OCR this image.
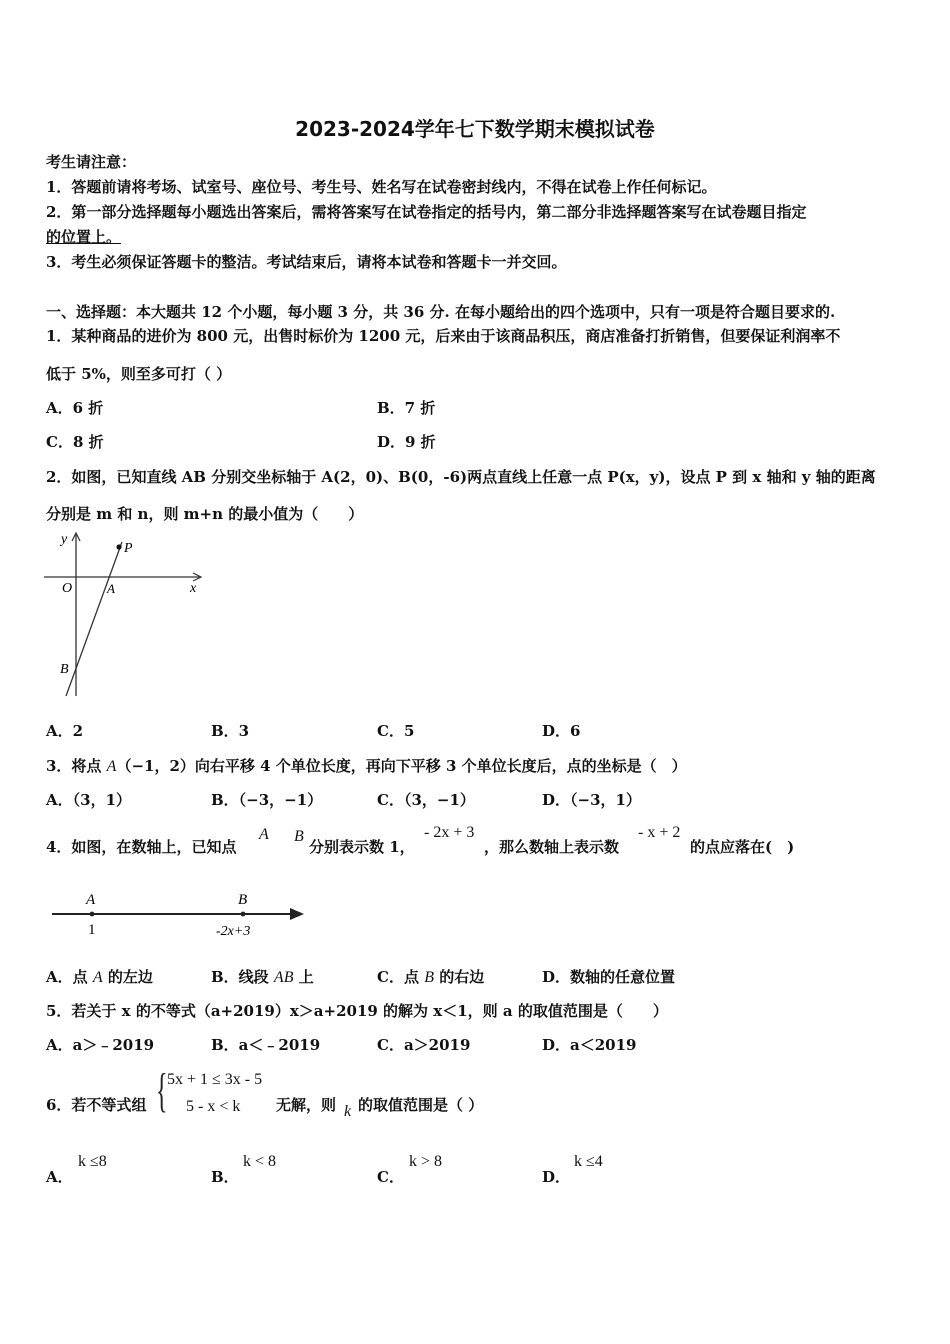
2023-2024学年七下数学期末模拟试卷
考生请注意：
1．答题前请将考场、试室号、座位号、考生号、姓名写在试卷密封线内，不得在试卷上作任何标记。
2．第一部分选择题每小题选出答案后，需将答案写在试卷指定的括号内，第二部分非选择题答案写在试卷题目指定
的位置上。
3．考生必须保证答题卡的整洁。考试结束后，请将本试卷和答题卡一并交回。
一、选择题：本大题共 12 个小题，每小题 3 分，共 36 分. 在每小题给出的四个选项中，只有一项是符合题目要求的.
1．某种商品的进价为 800 元，出售时标价为 1200 元，后来由于该商品积压，商店准备打折销售，但要保证利润率不
低于 5%，则至多可打（ ）
A．6 折	B．7 折
C．8 折	D．9 折
2．如图，已知直线 AB 分别交坐标轴于 A(2，0)、B(0，-6)两点直线上任意一点 P(x，y)，设点 P 到 x 轴和 y 轴的距离
分别是 m 和 n，则 m+n 的最小值为（　　）
y
P
O	A	x
B
A．2	B．3	C．5	D．6
3．将点 A（−1，2）向右平移 4 个单位长度，再向下平移 3 个单位长度后，点的坐标是（　）
A．（3，1）	B．（−3，−1）	C．（3，−1）	D．（−3，1）
4．如图，在数轴上，已知点
A B
分别表示数 1，
- 2x + 3
，那么数轴上表示数
- x + 2
的点应落在(　)
A	B
1	-2x+3
A．点 A 的左边	B．线段 AB 上	C．点 B 的右边	D．数轴的任意位置
5．若关于 x 的不等式（a+2019）x＞a+2019 的解为 x＜1，则 a 的取值范围是（　　）
A．a＞﹣2019	B．a＜﹣2019	C．a＞2019	D．a＜2019
6．若不等式组 { 5x + 1 ≤ 3x - 5
5 - x < k 无解，则 k 的取值范围是（ ）
A．
k ≤8
B．
k < 8
C．
k > 8
D．
k ≤4
